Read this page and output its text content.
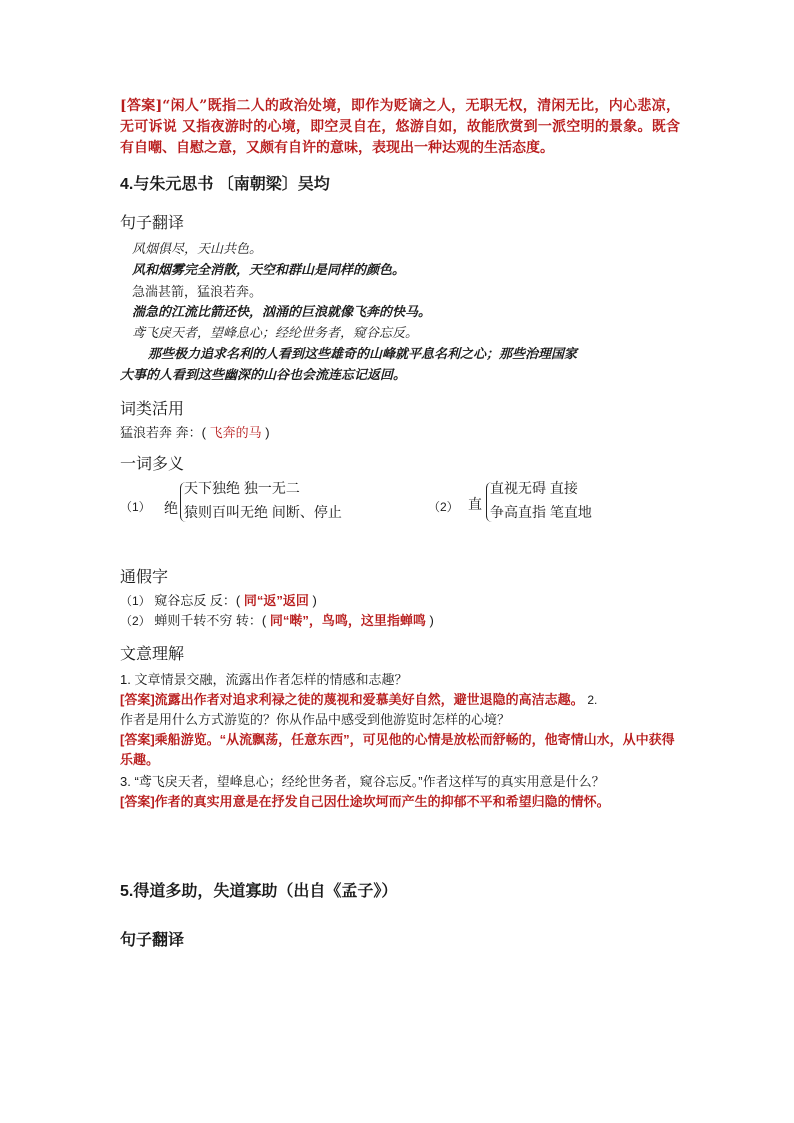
[答案]“闲人”既指二人的政治处境，即作为贬谪之人，无职无权，清闲无比，内心悲凉，无可诉说 又指夜游时的心境，即空灵自在，悠游自如，故能欣赏到一派空明的景象。既含有自嘲、自慰之意，又颇有自许的意味，表现出一种达观的生活态度。

4.与朱元思书 〔南朝梁〕吴均
句子翻译
风烟俱尽，天山共色。
风和烟雾完全消散，天空和群山是同样的颜色。
急湍甚箭，猛浪若奔。
湍急的江流比箭还快，汹涌的巨浪就像飞奔的快马。
鸢飞戾天者，望峰息心；经纶世务者，窥谷忘反。
那些极力追求名利的人看到这些雄奇的山峰就平息名利之心；那些治理国家
大事的人看到这些幽深的山谷也会流连忘记返回。
词类活用

猛浪若奔 奔：( 飞奔的马 )

一词多义
（1） 绝
天下独绝 独一无二
猿则百叫无绝 间断、停止	（2） 直
直视无碍 直接
争高直指 笔直地
通假字
（1） 窥谷忘反 反：( 同“返”返回 )
（2） 蝉则千转不穷 转：( 同“啭”，鸟鸣，这里指蝉鸣 )
文意理解
1. 文章情景交融，流露出作者怎样的情感和志趣？
[答案]流露出作者对追求利禄之徒的蔑视和爱慕美好自然，避世退隐的高洁志趣。 2.
作者是用什么方式游览的？你从作品中感受到他游览时怎样的心境？
[答案]乘船游览。“从流飘荡，任意东西”，可见他的心情是放松而舒畅的，他寄情山水，从中获得乐趣。
3. “鸢飞戾天者，望峰息心；经纶世务者，窥谷忘反。”作者这样写的真实用意是什么？
[答案]作者的真实用意是在抒发自己因仕途坎坷而产生的抑郁不平和希望归隐的情怀。
5.得道多助，失道寡助（出自《孟子》）
句子翻译
